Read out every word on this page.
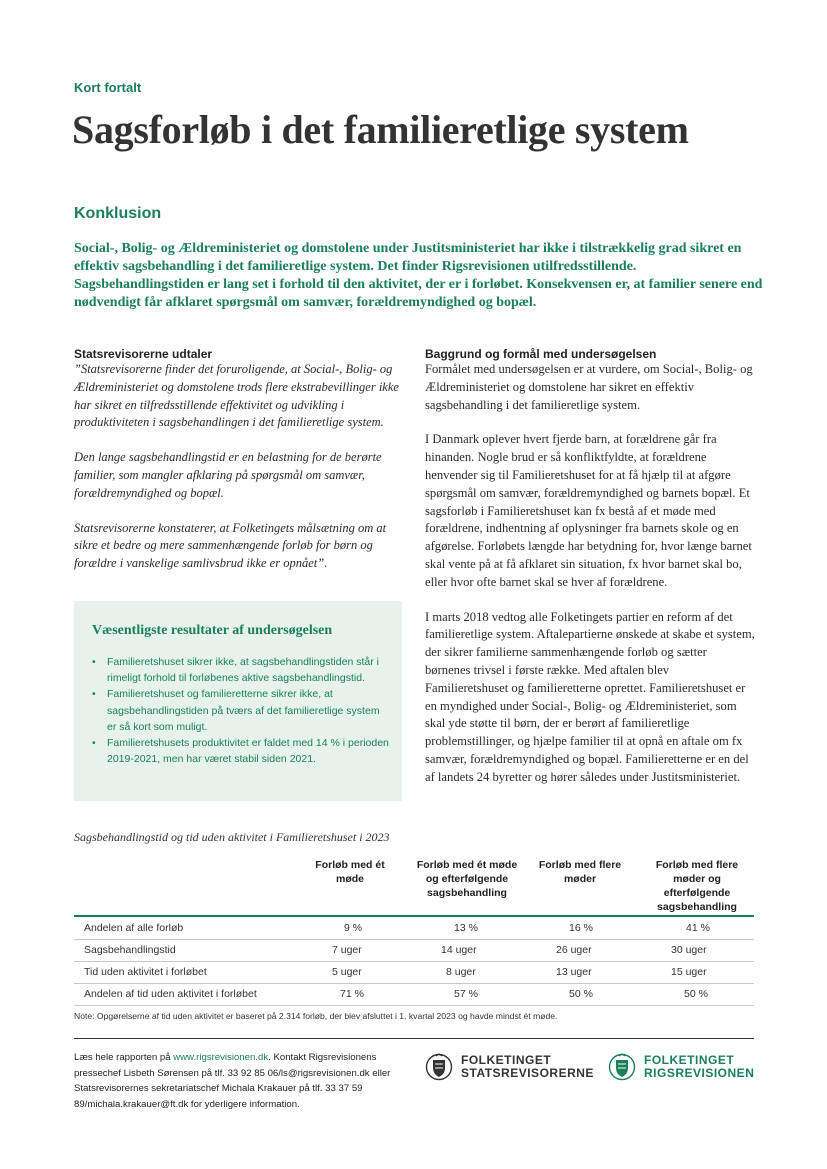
Kort fortalt
Sagsforløb i det familieretlige system
Konklusion
Social-, Bolig- og Ældreministeriet og domstolene under Justitsministeriet har ikke i tilstrækkelig grad sikret en effektiv sagsbehandling i det familieretlige system. Det finder Rigsrevisionen utilfredsstillende. Sagsbehandlingstiden er lang set i forhold til den aktivitet, der er i forløbet. Konsekvensen er, at familier senere end nødvendigt får afklaret spørgsmål om samvær, forældremyndighed og bopæl.
Statsrevisorerne udtaler

”Statsrevisorerne finder det foruroligende, at Social-, Bolig- og Ældreministeriet og domstolene trods flere ekstrabevillinger ikke har sikret en tilfredsstillende effektivitet og udvikling i produktiviteten i sagsbehandlingen i det familieretlige system.

Den lange sagsbehandlingstid er en belastning for de berørte familier, som mangler afklaring på spørgsmål om samvær, forældremyndighed og bopæl.

Statsrevisorerne konstaterer, at Folketingets målsætning om at sikre et bedre og mere sammenhængende forløb for børn og forældre i vanskelige samlivsbrud ikke er opnået”.

Væsentligste resultater af undersøgelsen
• Familieretshuset sikrer ikke, at sagsbehandlingstiden står i rimeligt forhold til forløbenes aktive sagsbehandlingstid.
• Familieretshuset og familieretterne sikrer ikke, at sagsbehandlingstiden på tværs af det familieretlige system er så kort som muligt.
• Familieretshusets produktivitet er faldet med 14 % i perioden 2019-2021, men har været stabil siden 2021.
Baggrund og formål med undersøgelsen

Formålet med undersøgelsen er at vurdere, om Social-, Bolig- og Ældreministeriet og domstolene har sikret en effektiv sagsbehandling i det familieretlige system.

I Danmark oplever hvert fjerde barn, at forældrene går fra hinanden. Nogle brud er så konfliktfyldte, at forældrene henvender sig til Familieretshuset for at få hjælp til at afgøre spørgsmål om samvær, forældremyndighed og barnets bopæl. Et sagsforløb i Familieretshuset kan fx bestå af et møde med forældrene, indhentning af oplysninger fra barnets skole og en afgørelse. Forløbets længde har betydning for, hvor længe barnet skal vente på at få afklaret sin situation, fx hvor barnet skal bo, eller hvor ofte barnet skal se hver af forældrene.

I marts 2018 vedtog alle Folketingets partier en reform af det familieretlige system. Aftalepartierne ønskede at skabe et system, der sikrer familierne sammenhængende forløb og sætter børnenes trivsel i første række. Med aftalen blev Familieretshuset og familieretterne oprettet. Familieretshuset er en myndighed under Social-, Bolig- og Ældreministeriet, som skal yde støtte til børn, der er berørt af familieretlige problemstillinger, og hjælpe familier til at opnå en aftale om fx samvær, forældremyndighed og bopæl. Familieretterne er en del af landets 24 byretter og hører således under Justitsministeriet.

Sagsbehandlingstid og tid uden aktivitet i Familieretshuset i 2023
Forløb med ét møde
Forløb med ét møde og efterfølgende sagsbehandling
Forløb med flere møder
Forløb med flere møder og efterfølgende sagsbehandling
Andelen af alle forløb	9 %	13 %	16 %	41 %
Sagsbehandlingstid	7 uger	14 uger	26 uger	30 uger
Tid uden aktivitet i forløbet	5 uger	8 uger	13 uger	15 uger
Andelen af tid uden aktivitet i forløbet	71 %	57 %	50 %	50 %
Note: Opgørelserne af tid uden aktivitet er baseret på 2.314 forløb, der blev afsluttet i 1. kvartal 2023 og havde mindst ét møde.
Læs hele rapporten på www.rigsrevisionen.dk. Kontakt Rigsrevisionens pressechef Lisbeth Sørensen på tlf. 33 92 85 06/ls@rigsrevisionen.dk eller Statsrevisorernes sekretariatschef Michala Krakauer på tlf. 33 37 59 89/michala.krakauer@ft.dk for yderligere information.
FOLKETINGET
STATSREVISORERNE
FOLKETINGET
RIGSREVISIONEN
